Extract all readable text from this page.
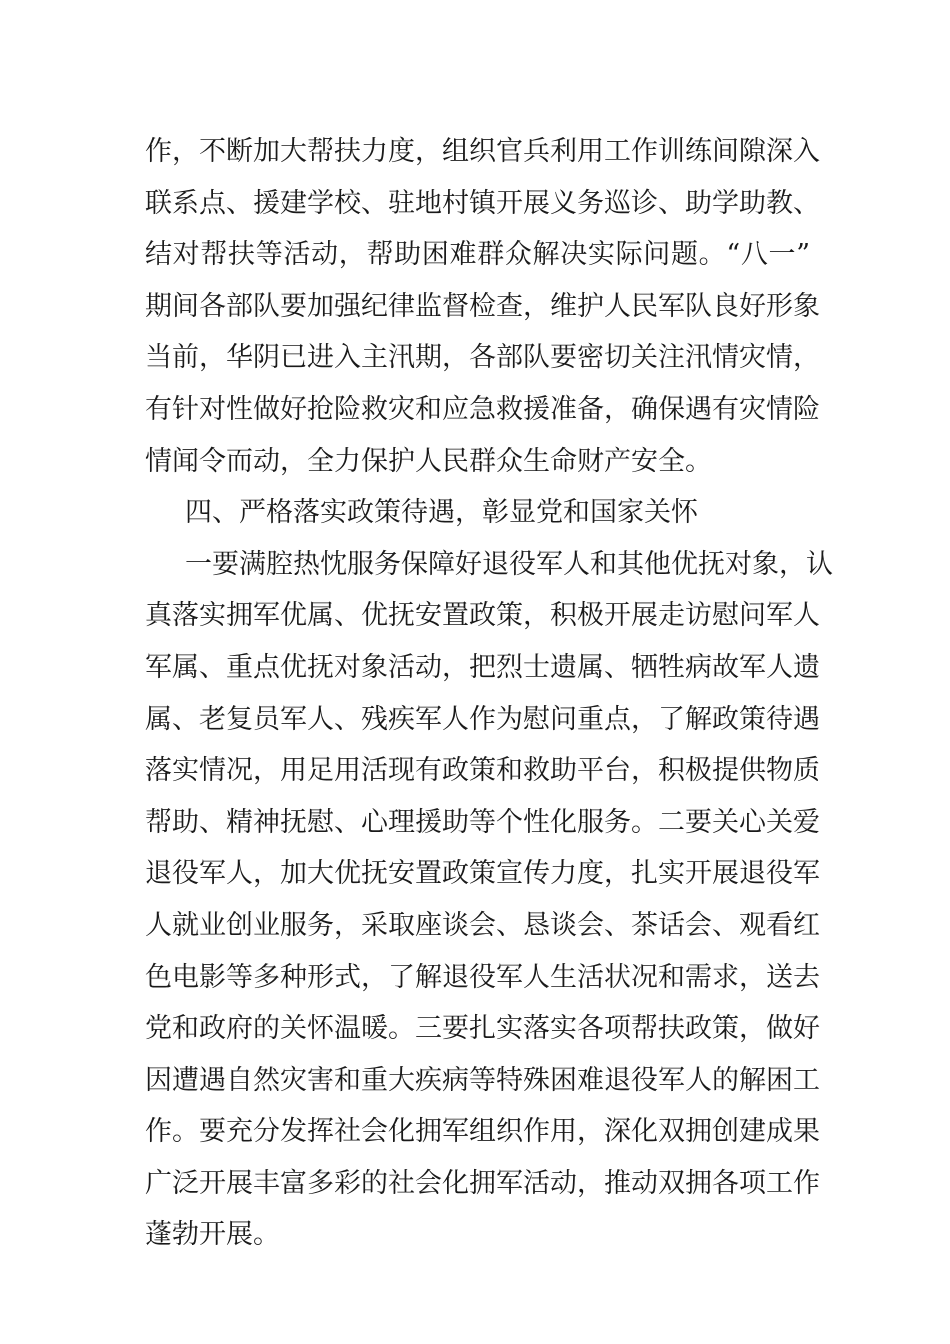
作，不断加大帮扶力度，组织官兵利用工作训练间隙深入
联系点、援建学校、驻地村镇开展义务巡诊、助学助教、
结对帮扶等活动，帮助困难群众解决实际问题。“八一”
期间各部队要加强纪律监督检查，维护人民军队良好形象
当前，华阴已进入主汛期，各部队要密切关注汛情灾情，
有针对性做好抢险救灾和应急救援准备，确保遇有灾情险
情闻令而动，全力保护人民群众生命财产安全。
四、严格落实政策待遇，彰显党和国家关怀
一要满腔热忱服务保障好退役军人和其他优抚对象，认
真落实拥军优属、优抚安置政策，积极开展走访慰问军人
军属、重点优抚对象活动，把烈士遗属、牺牲病故军人遗
属、老复员军人、残疾军人作为慰问重点，了解政策待遇
落实情况，用足用活现有政策和救助平台，积极提供物质
帮助、精神抚慰、心理援助等个性化服务。二要关心关爱
退役军人，加大优抚安置政策宣传力度，扎实开展退役军
人就业创业服务，采取座谈会、恳谈会、茶话会、观看红
色电影等多种形式，了解退役军人生活状况和需求，送去
党和政府的关怀温暖。三要扎实落实各项帮扶政策，做好
因遭遇自然灾害和重大疾病等特殊困难退役军人的解困工
作。要充分发挥社会化拥军组织作用，深化双拥创建成果
广泛开展丰富多彩的社会化拥军活动，推动双拥各项工作
蓬勃开展。
